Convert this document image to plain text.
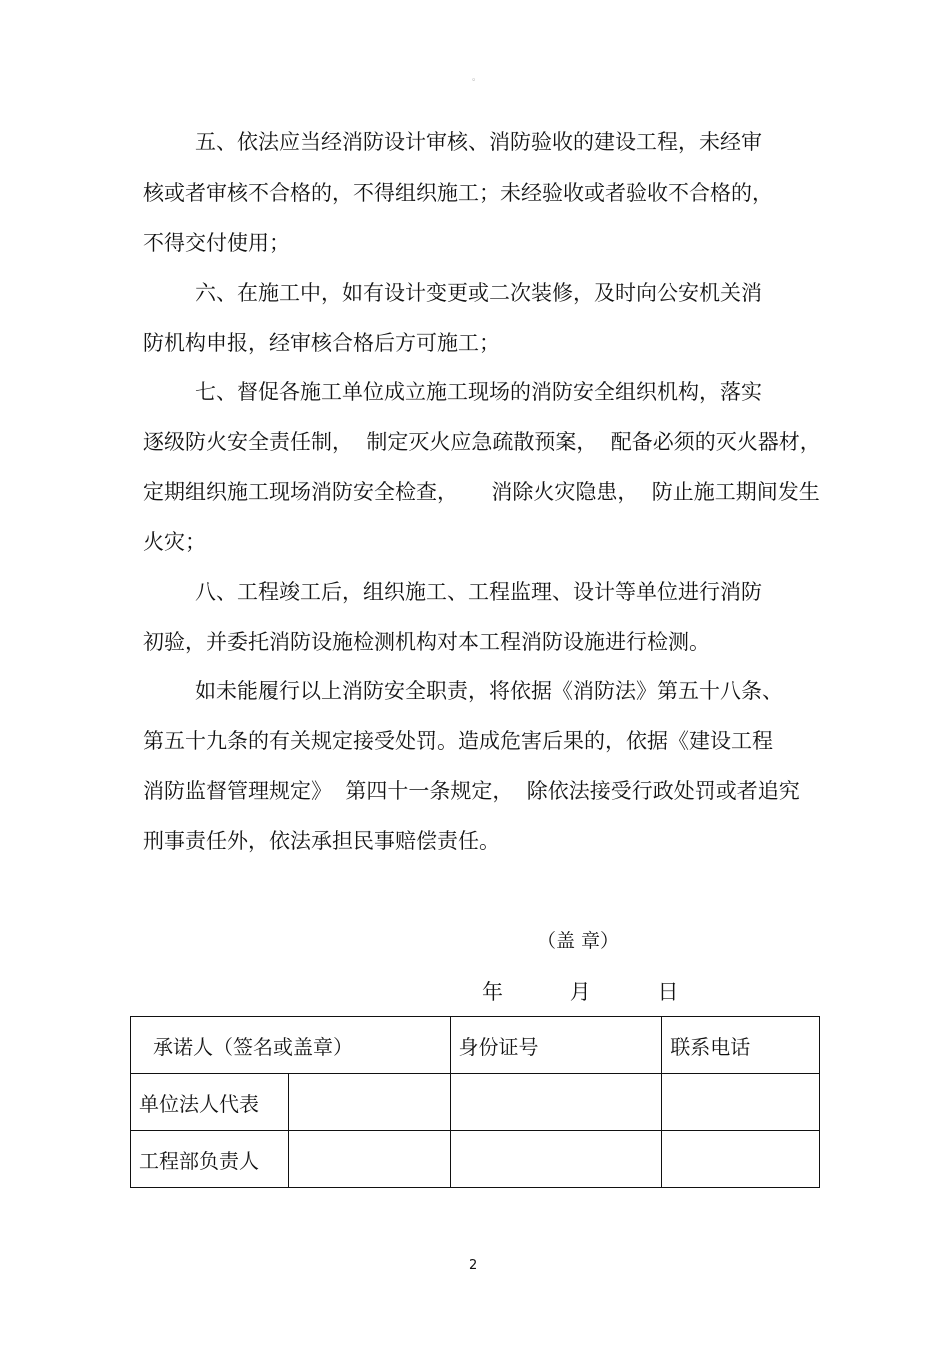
。
五、依法应当经消防设计审核、消防验收的建设工程，未经审
核或者审核不合格的，不得组织施工；未经验收或者验收不合格的，
不得交付使用；
六、在施工中，如有设计变更或二次装修，及时向公安机关消
防机构申报，经审核合格后方可施工；
七、督促各施工单位成立施工现场的消防安全组织机构，落实
逐级防火安全责任制，  制定灭火应急疏散预案，  配备必须的灭火器材，
定期组织施工现场消防安全检查，     消除火灾隐患，  防止施工期间发生
火灾；
八、工程竣工后，组织施工、工程监理、设计等单位进行消防
初验，并委托消防设施检测机构对本工程消防设施进行检测。
如未能履行以上消防安全职责，将依据《消防法》第五十八条、
第五十九条的有关规定接受处罚。造成危害后果的，依据《建设工程
消防监督管理规定》  第四十一条规定，  除依法接受行政处罚或者追究
刑事责任外，依法承担民事赔偿责任。
（盖 章）
年          月          日
承诺人（签名或盖章）		身份证号	联系电话
单位法人代表			
工程部负责人			
2
